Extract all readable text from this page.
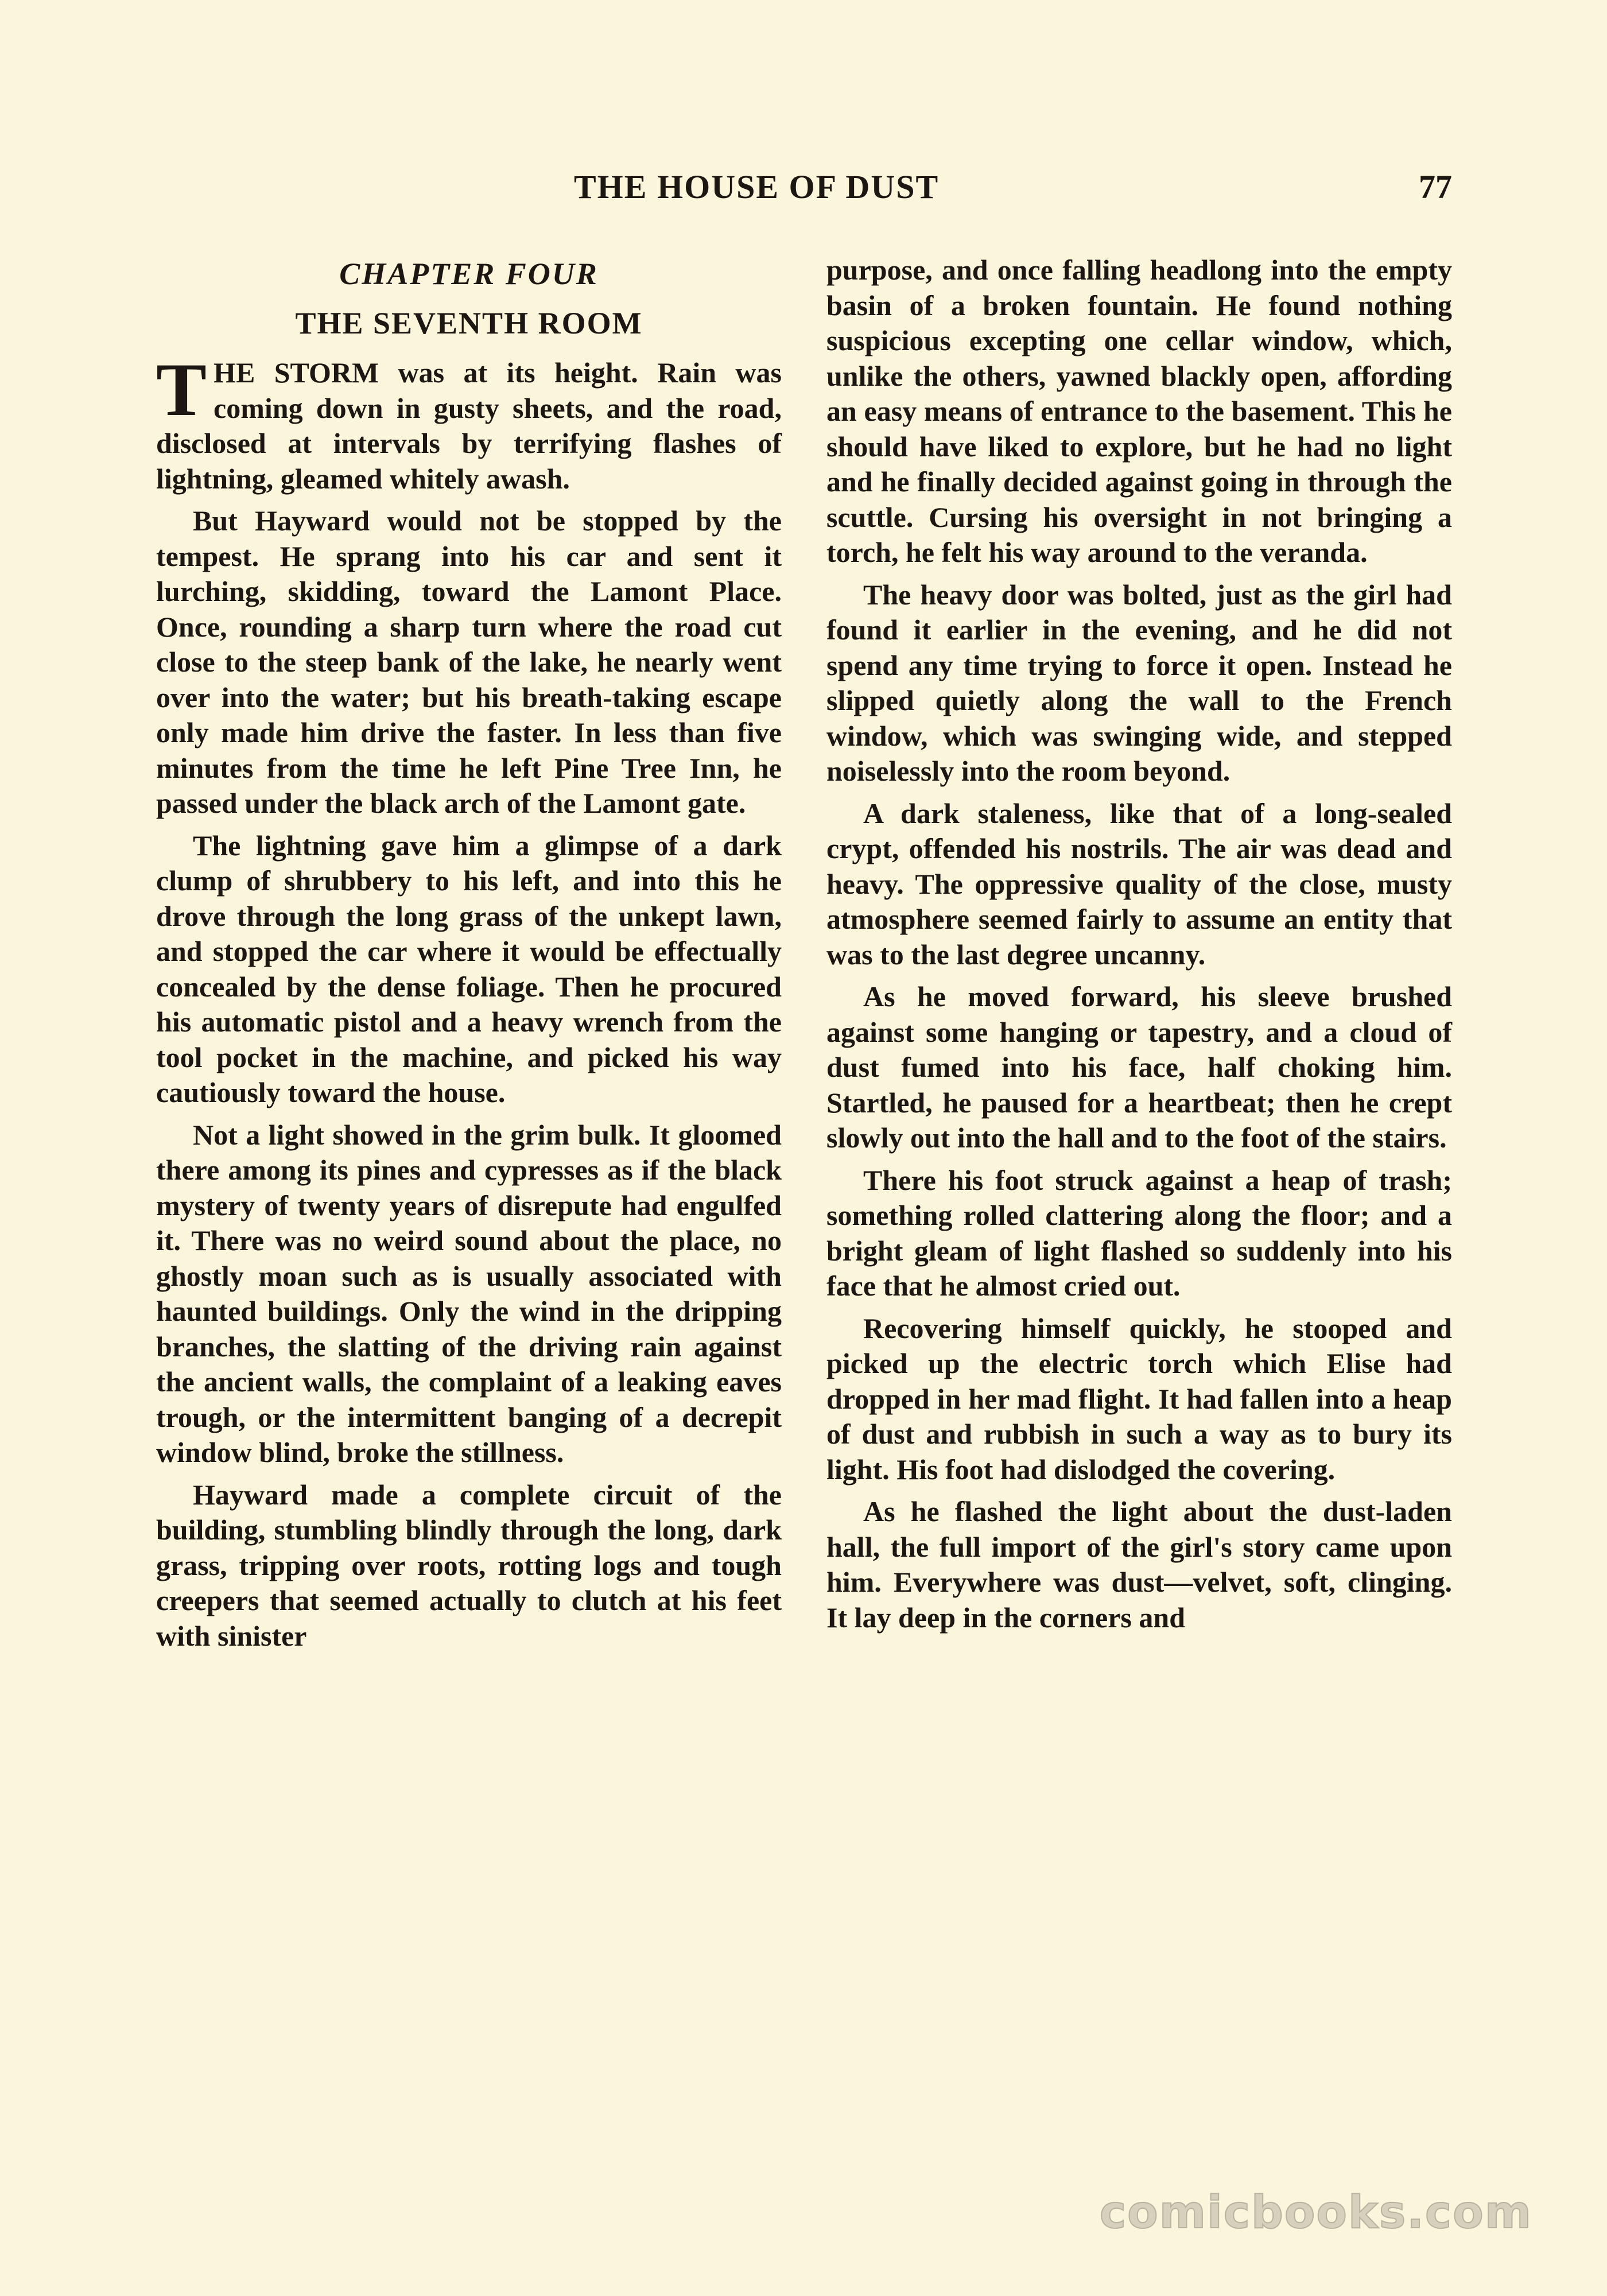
THE HOUSE OF DUST	77
CHAPTER FOUR
THE SEVENTH ROOM

THE STORM was at its height. Rain was coming down in gusty sheets, and the road, disclosed at intervals by terrifying flashes of lightning, gleamed whitely awash.

But Hayward would not be stopped by the tempest. He sprang into his car and sent it lurching, skidding, toward the Lamont Place. Once, rounding a sharp turn where the road cut close to the steep bank of the lake, he nearly went over into the water; but his breath-taking escape only made him drive the faster. In less than five minutes from the time he left Pine Tree Inn, he passed under the black arch of the Lamont gate.

The lightning gave him a glimpse of a dark clump of shrubbery to his left, and into this he drove through the long grass of the unkept lawn, and stopped the car where it would be effectually concealed by the dense foliage. Then he procured his automatic pistol and a heavy wrench from the tool pocket in the machine, and picked his way cautiously toward the house.

Not a light showed in the grim bulk. It gloomed there among its pines and cypresses as if the black mystery of twenty years of disrepute had engulfed it. There was no weird sound about the place, no ghostly moan such as is usually associated with haunted buildings. Only the wind in the dripping branches, the slatting of the driving rain against the ancient walls, the complaint of a leaking eaves trough, or the intermittent banging of a decrepit window blind, broke the stillness.

Hayward made a complete circuit of the building, stumbling blindly through the long, dark grass, tripping over roots, rotting logs and tough creepers that seemed actually to clutch at his feet with sinister

purpose, and once falling headlong into the empty basin of a broken fountain. He found nothing suspicious excepting one cellar window, which, unlike the others, yawned blackly open, affording an easy means of entrance to the basement. This he should have liked to explore, but he had no light and he finally decided against going in through the scuttle. Cursing his oversight in not bringing a torch, he felt his way around to the veranda.

The heavy door was bolted, just as the girl had found it earlier in the evening, and he did not spend any time trying to force it open. Instead he slipped quietly along the wall to the French window, which was swinging wide, and stepped noiselessly into the room beyond.

A dark staleness, like that of a long-sealed crypt, offended his nostrils. The air was dead and heavy. The oppressive quality of the close, musty atmosphere seemed fairly to assume an entity that was to the last degree uncanny.

As he moved forward, his sleeve brushed against some hanging or tapestry, and a cloud of dust fumed into his face, half choking him. Startled, he paused for a heartbeat; then he crept slowly out into the hall and to the foot of the stairs.

There his foot struck against a heap of trash; something rolled clattering along the floor; and a bright gleam of light flashed so suddenly into his face that he almost cried out.

Recovering himself quickly, he stooped and picked up the electric torch which Elise had dropped in her mad flight. It had fallen into a heap of dust and rubbish in such a way as to bury its light. His foot had dislodged the covering.

As he flashed the light about the dust-laden hall, the full import of the girl's story came upon him. Everywhere was dust—velvet, soft, clinging. It lay deep in the corners and

comicbooks.com
